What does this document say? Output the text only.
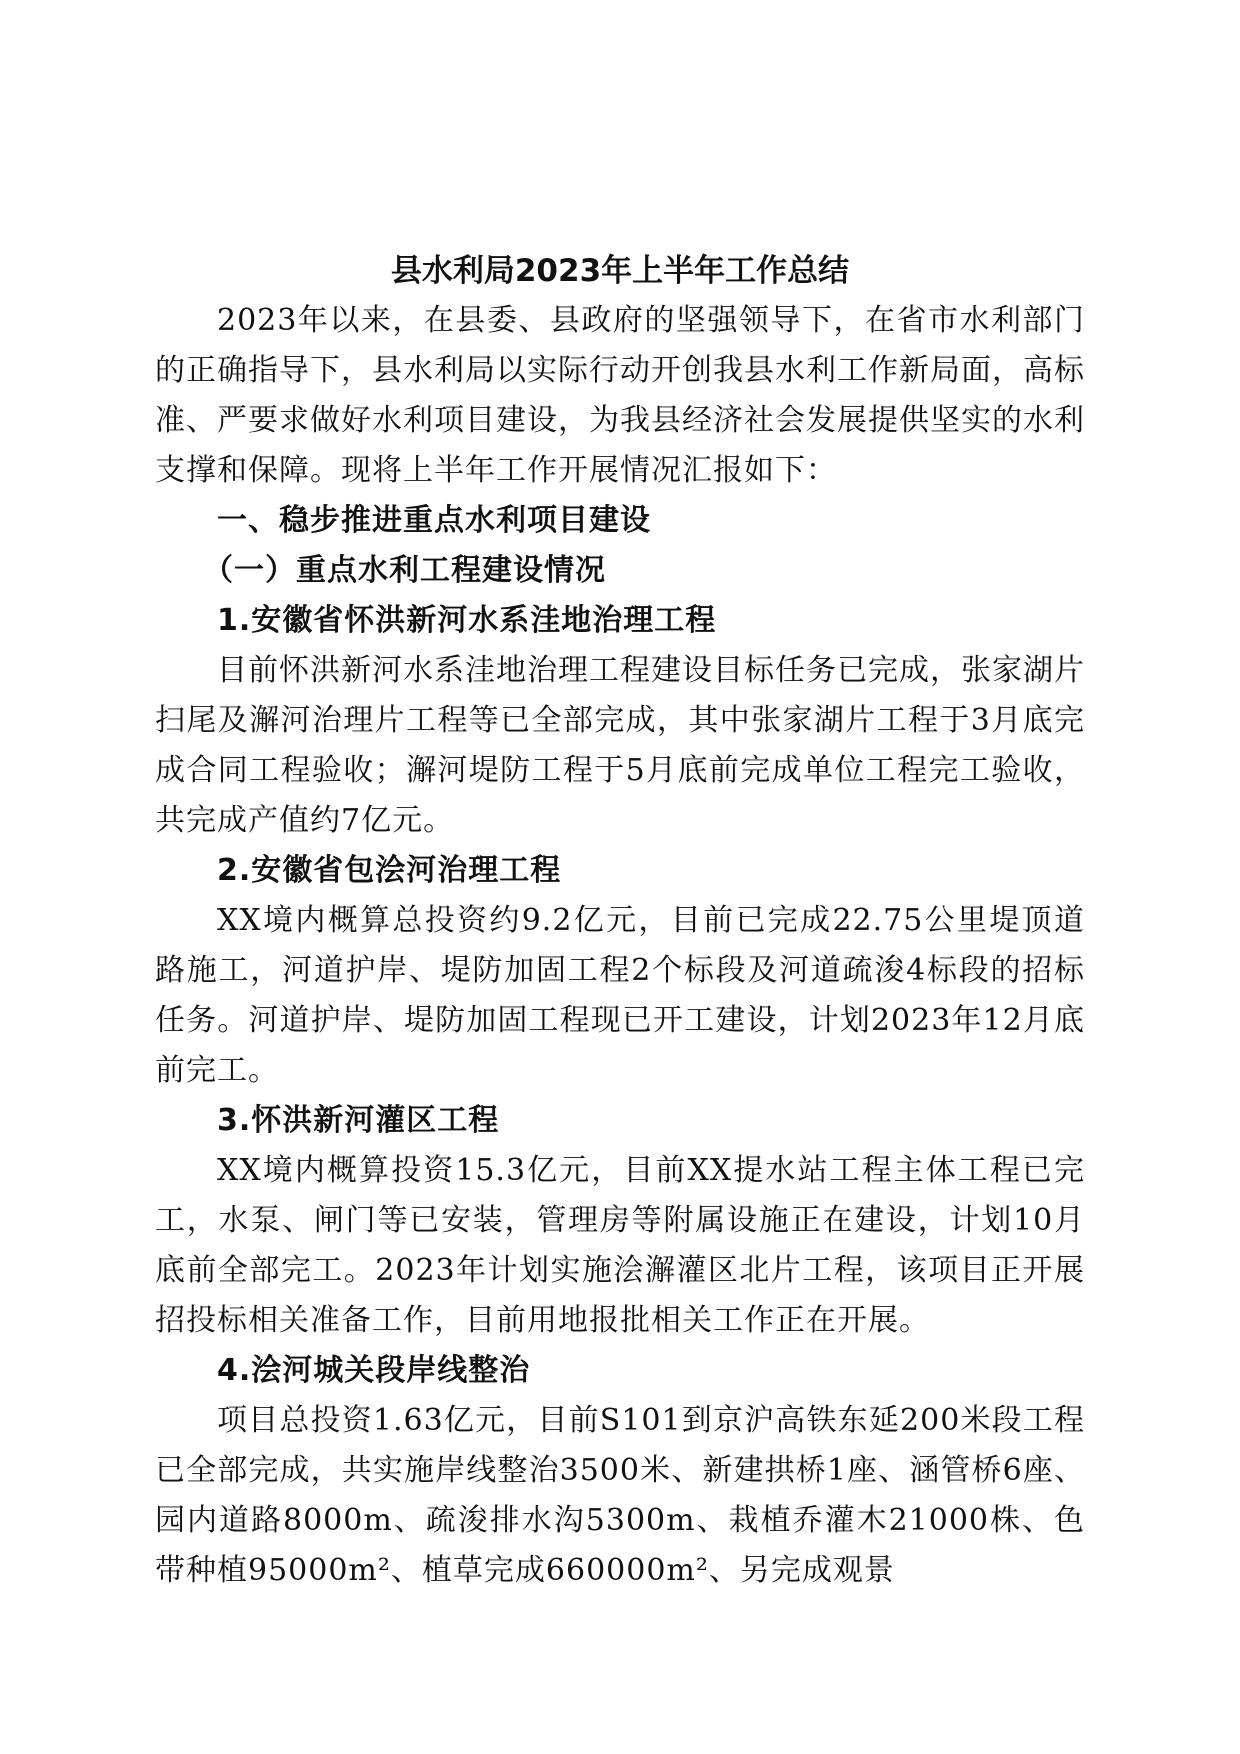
县水利局2023年上半年工作总结

2023年以来，在县委、县政府的坚强领导下，在省市水利部门的正确指导下，县水利局以实际行动开创我县水利工作新局面，高标准、严要求做好水利项目建设，为我县经济社会发展提供坚实的水利支撑和保障。现将上半年工作开展情况汇报如下：

一、稳步推进重点水利项目建设

（一）重点水利工程建设情况

1.安徽省怀洪新河水系洼地治理工程

目前怀洪新河水系洼地治理工程建设目标任务已完成，张家湖片扫尾及澥河治理片工程等已全部完成，其中张家湖片工程于3月底完成合同工程验收；澥河堤防工程于5月底前完成单位工程完工验收，共完成产值约7亿元。

2.安徽省包浍河治理工程

XX境内概算总投资约9.2亿元，目前已完成22.75公里堤顶道路施工，河道护岸、堤防加固工程2个标段及河道疏浚4标段的招标任务。河道护岸、堤防加固工程现已开工建设，计划2023年12月底前完工。

3.怀洪新河灌区工程

XX境内概算投资15.3亿元，目前XX提水站工程主体工程已完工，水泵、闸门等已安装，管理房等附属设施正在建设，计划10月底前全部完工。2023年计划实施浍澥灌区北片工程，该项目正开展招投标相关准备工作，目前用地报批相关工作正在开展。

4.浍河城关段岸线整治

项目总投资1.63亿元，目前S101到京沪高铁东延200米段工程已全部完成，共实施岸线整治3500米、新建拱桥1座、涵管桥6座、园内道路8000m、疏浚排水沟5300m、栽植乔灌木21000株、色带种植95000m²、植草完成660000m²、另完成观景
